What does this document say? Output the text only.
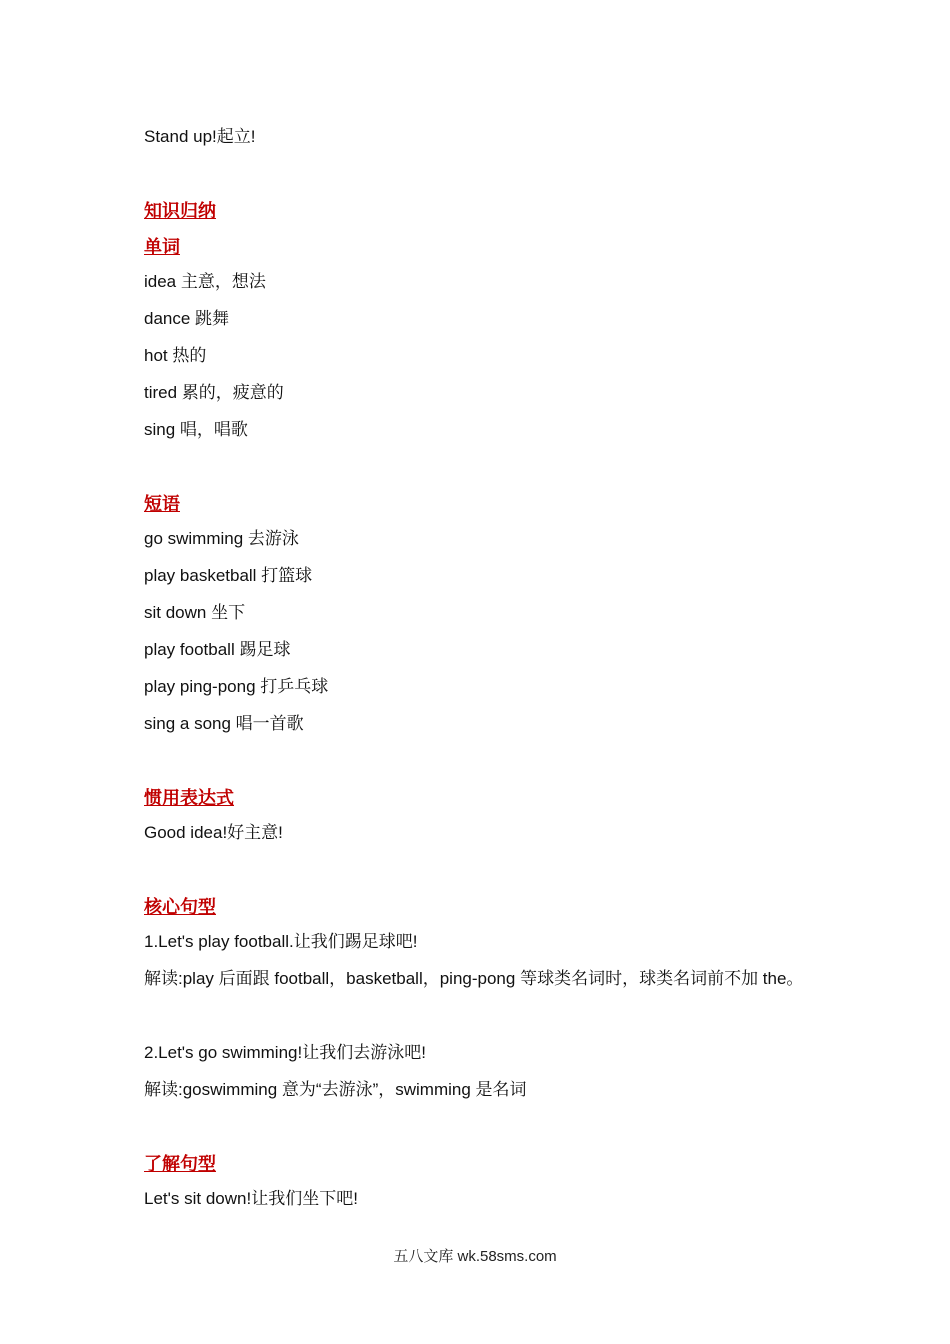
Stand up!起立!
知识归纳
单词
idea 主意，想法
dance 跳舞
hot 热的
tired 累的，疲意的
sing 唱，唱歌
短语
go swimming 去游泳
play basketball 打篮球
sit down 坐下
play football 踢足球
play ping-pong 打乒乓球
sing a song 唱一首歌
惯用表达式
Good idea!好主意!
核心句型
1.Let's play football.让我们踢足球吧!
解读:play 后面跟 football，basketball，ping-pong 等球类名词时，球类名词前不加 the。
2.Let's go swimming!让我们去游泳吧!
解读:goswimming 意为“去游泳”，swimming 是名词
了解句型
Let's sit down!让我们坐下吧!
五八文库 wk.58sms.com
